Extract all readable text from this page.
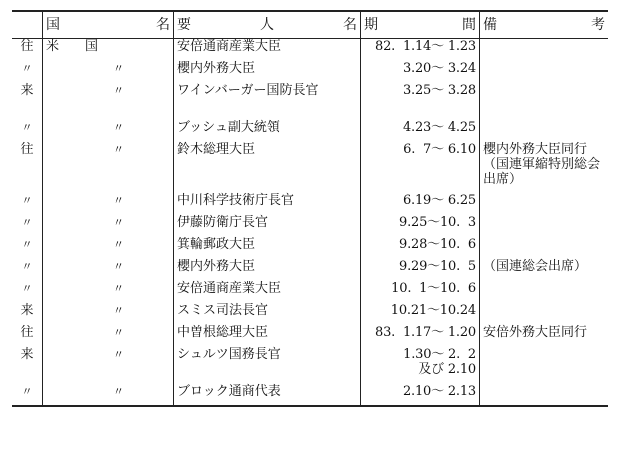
	国　　名	要　人　名	期　間	備　考
往	米　　国	安倍通商産業大臣	82.  1.14～ 1.23	
〃	〃	櫻内外務大臣	3.20～ 3.24	
来	〃	ワインバーガー国防長官	3.25～ 3.28	
〃	〃	ブッシュ副大統領	4.23～ 4.25	
往	〃	鈴木総理大臣	6.  7～ 6.10	櫻内外務大臣同行（国連軍縮特別総会出席）
〃	〃	中川科学技術庁長官	6.19～ 6.25	
〃	〃	伊藤防衛庁長官	9.25～10.  3	
〃	〃	箕輪郵政大臣	9.28～10.  6	
〃	〃	櫻内外務大臣	9.29～10.  5	（国連総会出席）
〃	〃	安倍通商産業大臣	10.  1～10.  6	
来	〃	スミス司法長官	10.21～10.24	
往	〃	中曽根総理大臣	83.  1.17～ 1.20	安倍外務大臣同行
来	〃	シュルツ国務長官	1.30～ 2.  2
及び 2.10	
〃	〃	ブロック通商代表	2.10～ 2.13	
